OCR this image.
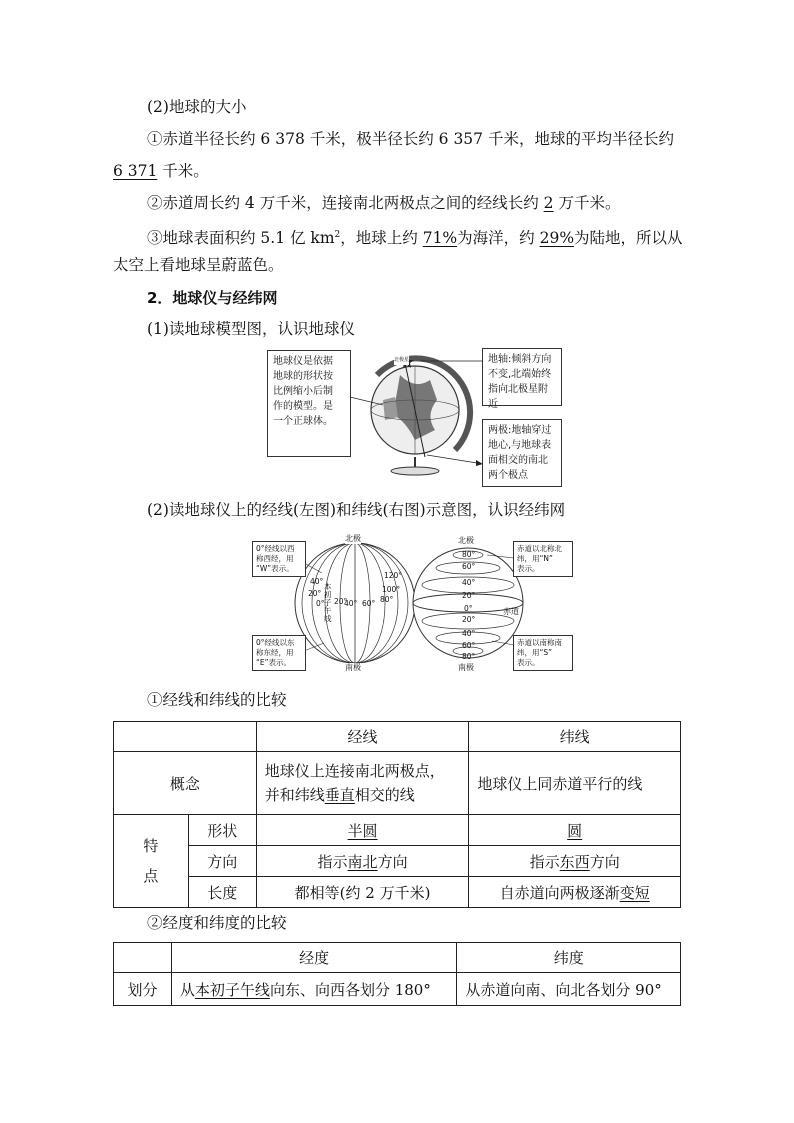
(2)地球的大小
①赤道半径长约 6 378 千米，极半径长约 6 357 千米，地球的平均半径长约
6 371 千米。
②赤道周长约 4 万千米，连接南北两极点之间的经线长约 2 万千米。
③地球表面积约 5.1 亿 $km^2$，地球上约 71%为海洋，约 29%为陆地，所以从
太空上看地球呈蔚蓝色。
2．地球仪与经纬网
(1)读地球模型图，认识地球仪
北极星
地球仪是依据
地球的形状按
比例缩小后制
作的模型。是
一个正球体。
地轴:倾斜方向
不变,北端始终
指向北极星附近
两极:地轴穿过
地心,与地球表
面相交的南北
两个极点
(2)读地球仪上的经线(左图)和纬线(右图)示意图，认识经纬网
北极
南极
北极
南极
赤道
40°
20°
0° 20°
40° 60° 80°
100°
120°
本初子午线
80°
60°
40°
20°
0°
20°
40°
60°
80°
0°经线以西
称西经，用
“W”表示。
0°经线以东
称东经，用
“E”表示。
赤道以北称北
纬，用“N”
表示。
赤道以南称南
纬，用“S”
表示。
①经线和纬线的比较
		经线	纬线
概念		地球仪上连接南北两极点，
并和纬线垂直相交的线	地球仪上同赤道平行的线

特
点	形状	半圆	圆
	方向	指示南北方向	指示东西方向
	长度	都相等(约 2 万千米)	自赤道向两极逐渐变短
②经度和纬度的比较
	经度	纬度
划分	从本初子午线向东、向西各划分 180°	从赤道向南、向北各划分 90°
